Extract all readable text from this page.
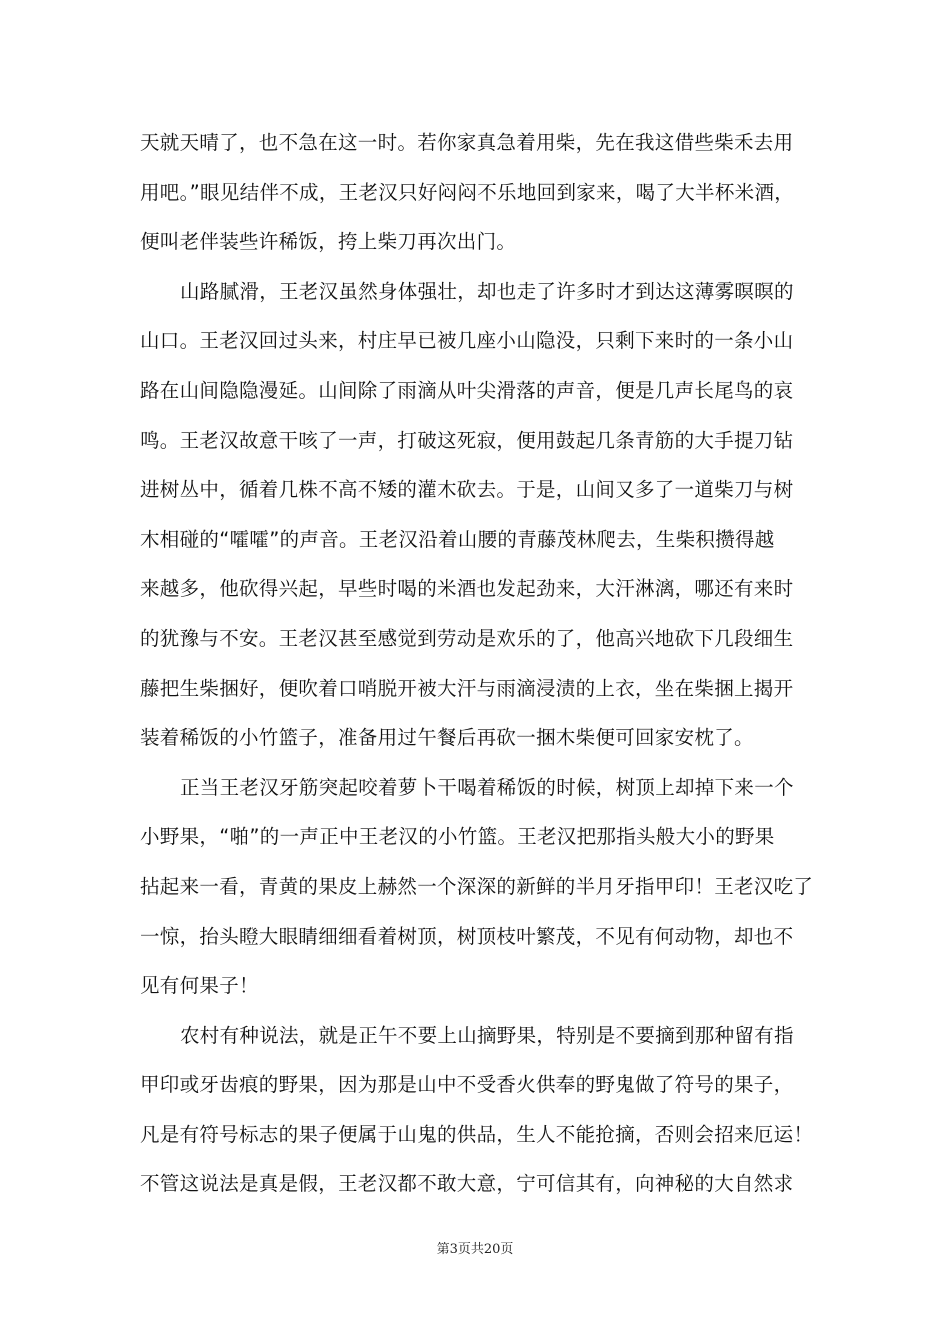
天就天晴了，也不急在这一时。若你家真急着用柴，先在我这借些柴禾去用
用吧。”眼见结伴不成，王老汉只好闷闷不乐地回到家来，喝了大半杯米酒，
便叫老伴装些许稀饭，挎上柴刀再次出门。
山路腻滑，王老汉虽然身体强壮，却也走了许多时才到达这薄雾暝暝的
山口。王老汉回过头来，村庄早已被几座小山隐没，只剩下来时的一条小山
路在山间隐隐漫延。山间除了雨滴从叶尖滑落的声音，便是几声长尾鸟的哀
鸣。王老汉故意干咳了一声，打破这死寂，便用鼓起几条青筋的大手提刀钻
进树丛中，循着几株不高不矮的灌木砍去。于是，山间又多了一道柴刀与树
木相碰的“嚯嚯”的声音。王老汉沿着山腰的青藤茂林爬去，生柴积攒得越
来越多，他砍得兴起，早些时喝的米酒也发起劲来，大汗淋漓，哪还有来时
的犹豫与不安。王老汉甚至感觉到劳动是欢乐的了，他高兴地砍下几段细生
藤把生柴捆好，便吹着口哨脱开被大汗与雨滴浸渍的上衣，坐在柴捆上揭开
装着稀饭的小竹篮子，准备用过午餐后再砍一捆木柴便可回家安枕了。
正当王老汉牙筋突起咬着萝卜干喝着稀饭的时候，树顶上却掉下来一个
小野果，“啪”的一声正中王老汉的小竹篮。王老汉把那指头般大小的野果
拈起来一看，青黄的果皮上赫然一个深深的新鲜的半月牙指甲印！王老汉吃了
一惊，抬头瞪大眼睛细细看着树顶，树顶枝叶繁茂，不见有何动物，却也不
见有何果子！
农村有种说法，就是正午不要上山摘野果，特别是不要摘到那种留有指
甲印或牙齿痕的野果，因为那是山中不受香火供奉的野鬼做了符号的果子，
凡是有符号标志的果子便属于山鬼的供品，生人不能抢摘，否则会招来厄运！
不管这说法是真是假，王老汉都不敢大意，宁可信其有，向神秘的大自然求
第3页共20页
